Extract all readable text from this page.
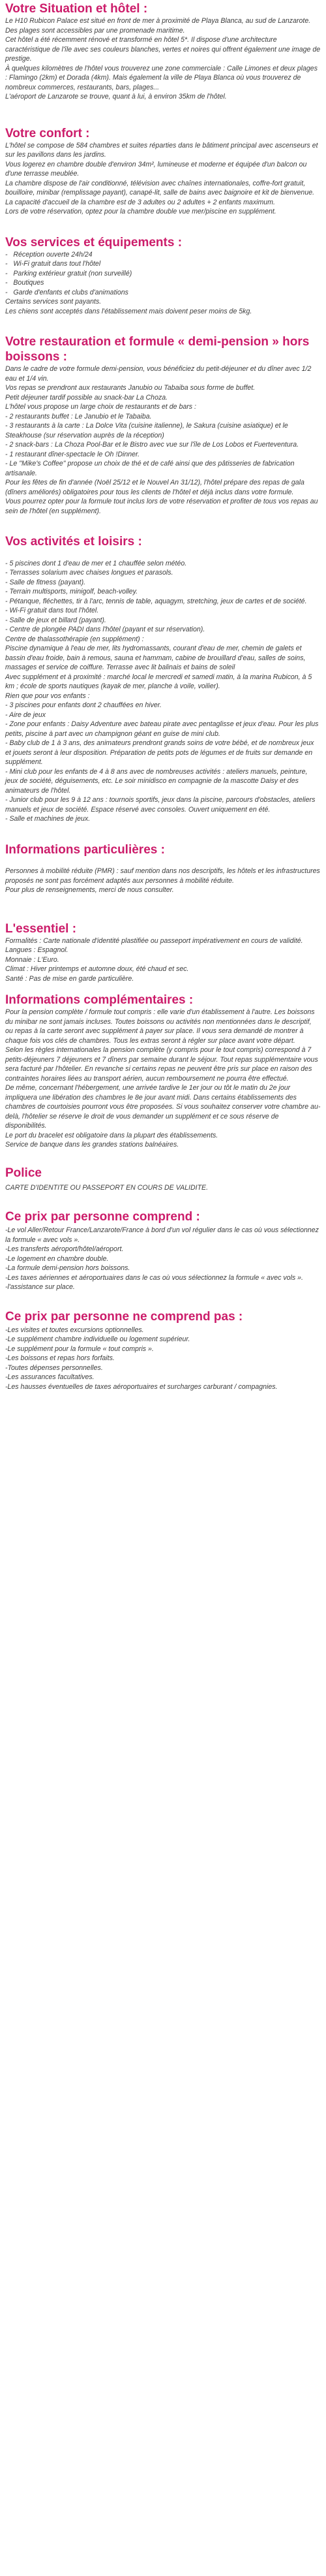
Votre Situation et hôtel :
Le H10 Rubicon Palace est situé en front de mer à proximité de Playa Blanca, au sud de Lanzarote. Des plages sont accessibles par une promenade maritime.
Cet hôtel a été récemment rénové et transformé en hôtel 5*. Il dispose d'une architecture caractéristique de l'île avec ses couleurs blanches, vertes et noires qui offrent également une image de prestige.
À quelques kilomètres de l'hôtel vous trouverez une zone commerciale : Calle Limones et deux plages : Flamingo (2km) et Dorada (4km). Mais également la ville de Playa Blanca où vous trouverez de nombreux commerces, restaurants, bars, plages...
L'aéroport de Lanzarote se trouve, quant à lui, à environ 35km de l'hôtel.
Votre confort :
L'hôtel se compose de 584 chambres et suites réparties dans le bâtiment principal avec ascenseurs et sur les pavillons dans les jardins.
Vous logerez en chambre double d'environ 34m², lumineuse et moderne et équipée d'un balcon ou d'une terrasse meublée.
La chambre dispose de l'air conditionné, télévision avec chaînes internationales, coffre-fort gratuit, bouilloire, minibar (remplissage payant), canapé-lit, salle de bains avec baignoire et kit de bienvenue.
La capacité d'accueil de la chambre est de 3 adultes ou 2 adultes + 2 enfants maximum.
Lors de votre réservation, optez pour la chambre double vue mer/piscine en supplément.
Vos services et équipements :
-   Réception ouverte 24h/24
-   Wi-Fi gratuit dans tout l'hôtel
-   Parking extérieur gratuit (non surveillé)
-   Boutiques
-   Garde d'enfants et clubs d'animations
Certains services sont payants.
Les chiens sont acceptés dans l'établissement mais doivent peser moins de 5kg.
Votre restauration et formule « demi-pension » hors boissons :
Dans le cadre de votre formule demi-pension, vous bénéficiez du petit-déjeuner et du dîner avec 1/2 eau et 1/4 vin.
Vos repas se prendront aux restaurants Janubio ou Tabaiba sous forme de buffet.
Petit déjeuner tardif possible au snack-bar La Choza.
L'hôtel vous propose un large choix de restaurants et de bars :
- 2 restaurants buffet : Le Janubio et le Tabaiba.
- 3 restaurants à la carte : La Dolce Vita (cuisine italienne), le Sakura (cuisine asiatique) et le Steakhouse (sur réservation auprès de la réception)
- 2 snack-bars : La Choza Pool-Bar et le Bistro avec vue sur l'île de Los Lobos et Fuerteventura.
- 1 restaurant dîner-spectacle le Oh !Dinner.
- Le "Mike's Coffee" propose un choix de thé et de café ainsi que des pâtisseries de fabrication artisanale.
Pour les fêtes de fin d'année (Noël 25/12 et le Nouvel An 31/12), l'hôtel prépare des repas de gala (dîners améliorés) obligatoires pour tous les clients de l'hôtel et déjà inclus dans votre formule.
Vous pourrez opter pour la formule tout inclus lors de votre réservation et profiter de tous vos repas au sein de l'hôtel (en supplément).
Vos activités et loisirs :
- 5 piscines dont 1 d'eau de mer et 1 chauffée selon météo.
- Terrasses solarium avec chaises longues et parasols.
- Salle de fitness (payant).
- Terrain multisports, minigolf, beach-volley.
- Pétanque, fléchettes, tir à l'arc, tennis de table, aquagym, stretching, jeux de cartes et de société.
- Wi-Fi gratuit dans tout l'hôtel.
- Salle de jeux et billard (payant).
- Centre de plongée PADI dans l'hôtel (payant et sur réservation).
Centre de thalassothérapie (en supplément) :
Piscine dynamique à l'eau de mer, lits hydromassants, courant d'eau de mer, chemin de galets et bassin d'eau froide, bain à remous, sauna et hammam, cabine de brouillard d'eau, salles de soins, massages et service de coiffure. Terrasse avec lit balinais et bains de soleil
Avec supplément et à proximité : marché local le mercredi et samedi matin, à la marina Rubicon, à 5 km ; école de sports nautiques (kayak de mer, planche à voile, voilier).
Rien que pour vos enfants :
- 3 piscines pour enfants dont 2 chauffées en hiver.
- Aire de jeux
- Zone pour enfants : Daisy Adventure avec bateau pirate avec pentaglisse et jeux d'eau. Pour les plus petits, piscine à part avec un champignon géant en guise de mini club.
- Baby club de 1 à 3 ans, des animateurs prendront grands soins de votre bébé, et de nombreux jeux et jouets seront à leur disposition. Préparation de petits pots de légumes et de fruits sur demande en supplément.
- Mini club pour les enfants de 4 à 8 ans avec de nombreuses activités : ateliers manuels, peinture, jeux de société, déguisements, etc. Le soir minidisco en compagnie de la mascotte Daisy et des animateurs de l'hôtel.
- Junior club pour les 9 à 12 ans : tournois sportifs, jeux dans la piscine, parcours d'obstacles, ateliers manuels et jeux de société. Espace réservé avec consoles. Ouvert uniquement en été.
- Salle et machines de jeux.
Informations particulières :
Personnes à mobilité réduite (PMR) : sauf mention dans nos descriptifs, les hôtels et les infrastructures proposés ne sont pas forcément adaptés aux personnes à mobilité réduite.
Pour plus de renseignements, merci de nous consulter.
L'essentiel :
Formalités : Carte nationale d'identité plastifiée ou passeport impérativement en cours de validité.
Langues : Espagnol.
Monnaie : L'Euro.
Climat : Hiver printemps et automne doux, été chaud et sec.
Santé : Pas de mise en garde particulière.
Informations complémentaires :
Pour la pension complète / formule tout compris : elle varie d'un établissement à l'autre. Les boissons du minibar ne sont jamais incluses. Toutes boissons ou activités non mentionnées dans le descriptif, ou repas à la carte seront avec supplément à payer sur place. Il vous sera demandé de montrer à chaque fois vos clés de chambres. Tous les extras seront à régler sur place avant votre départ.
Selon les règles internationales la pension complète (y compris pour le tout compris) correspond à 7 petits-déjeuners 7 déjeuners et 7 dîners par semaine durant le séjour. Tout repas supplémentaire vous sera facturé par l'hôtelier. En revanche si certains repas ne peuvent être pris sur place en raison des contraintes horaires liées au transport aérien, aucun remboursement ne pourra être effectué.
De même, concernant l'hébergement, une arrivée tardive le 1er jour ou tôt le matin du 2e jour impliquera une libération des chambres le 8e jour avant midi. Dans certains établissements des chambres de courtoisies pourront vous être proposées. Si vous souhaitez conserver votre chambre au-delà, l'hôtelier se réserve le droit de vous demander un supplément et ce sous réserve de disponibilités.
Le port du bracelet est obligatoire dans la plupart des établissements.
Service de banque dans les grandes stations balnéaires.
Police
CARTE D'IDENTITE OU PASSEPORT EN COURS DE VALIDITE.
Ce prix par personne comprend :
-Le vol Aller/Retour France/Lanzarote/France à bord d'un vol régulier dans le cas où vous sélectionnez la formule « avec vols ».
-Les transferts aéroport/hôtel/aéroport.
-Le logement en chambre double.
-La formule demi-pension hors boissons.
-Les taxes aériennes et aéroportuaires dans le cas où vous sélectionnez la formule « avec vols ».
-l'assistance sur place.
Ce prix par personne ne comprend pas :
-Les visites et toutes excursions optionnelles.
-Le supplément chambre individuelle ou logement supérieur.
-Le supplément pour la formule « tout compris ».
-Les boissons et repas hors forfaits.
-Toutes dépenses personnelles.
-Les assurances facultatives.
-Les hausses éventuelles de taxes aéroportuaires et surcharges carburant / compagnies.
